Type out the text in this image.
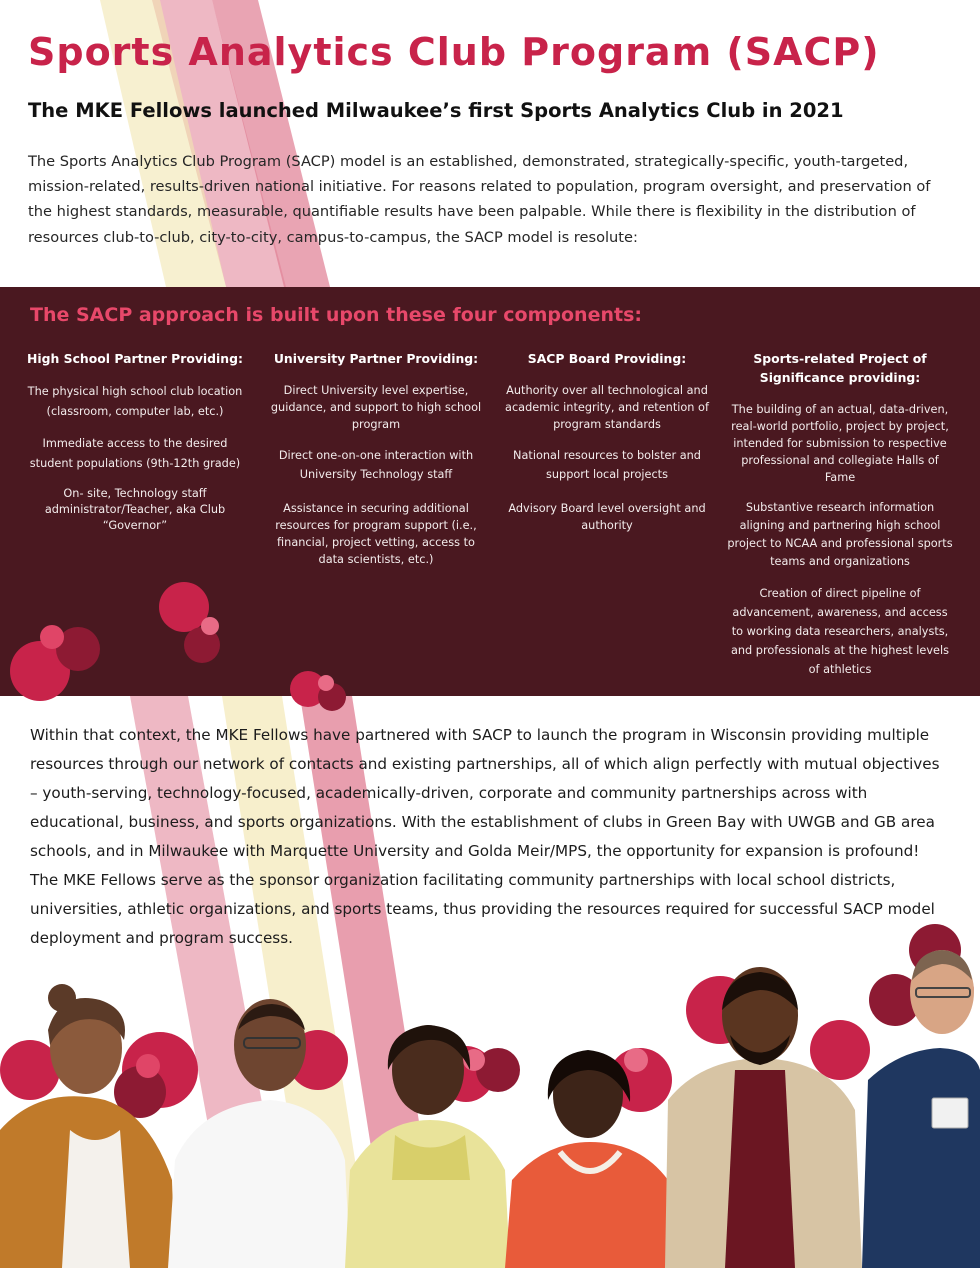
Sports Analytics Club Program (SACP)
The MKE Fellows launched Milwaukee’s first Sports Analytics Club in 2021

The Sports Analytics Club Program (SACP) model is an established, demonstrated, strategically-specific, youth-targeted, mission-related, results-driven national initiative. For reasons related to population, program oversight, and preservation of the highest standards, measurable, quantifiable results have been palpable. While there is flexibility in the distribution of resources club-to-club, city-to-city, campus-to-campus, the SACP model is resolute:

The SACP approach is built upon these four components:
High School Partner Providing:

The physical high school club location (classroom, computer lab, etc.)

Immediate access to the desired student populations (9th-12th grade)

On- site, Technology staff administrator/Teacher, aka Club “Governor”

University Partner Providing:

Direct University level expertise, guidance, and support to high school program

Direct one-on-one interaction with University Technology staff

Assistance in securing additional resources for program support (i.e., financial, project vetting, access to data scientists, etc.)

SACP Board Providing:

Authority over all technological and academic integrity, and retention of program standards

National resources to bolster and support local projects

Advisory Board level oversight and authority

Sports-related Project of Significance providing:

The building of an actual, data-driven, real-world portfolio, project by project, intended for submission to respective professional and collegiate Halls of Fame

Substantive research information aligning and partnering high school project to NCAA and professional sports teams and organizations

Creation of direct pipeline of advancement, awareness, and access to working data researchers, analysts, and professionals at the highest levels of athletics

Within that context, the MKE Fellows have partnered with SACP to launch the program in Wisconsin providing multiple resources through our network of contacts and existing partnerships, all of which align perfectly with mutual objectives – youth-serving, technology-focused, academically-driven, corporate and community partnerships across with educational, business, and sports organizations. With the establishment of clubs in Green Bay with UWGB and GB area schools, and in Milwaukee with Marquette University and Golda Meir/MPS, the opportunity for expansion is profound! The MKE Fellows serve as the sponsor organization facilitating community partnerships with local school districts, universities, athletic organizations, and sports teams, thus providing the resources required for successful SACP model deployment and program success.
